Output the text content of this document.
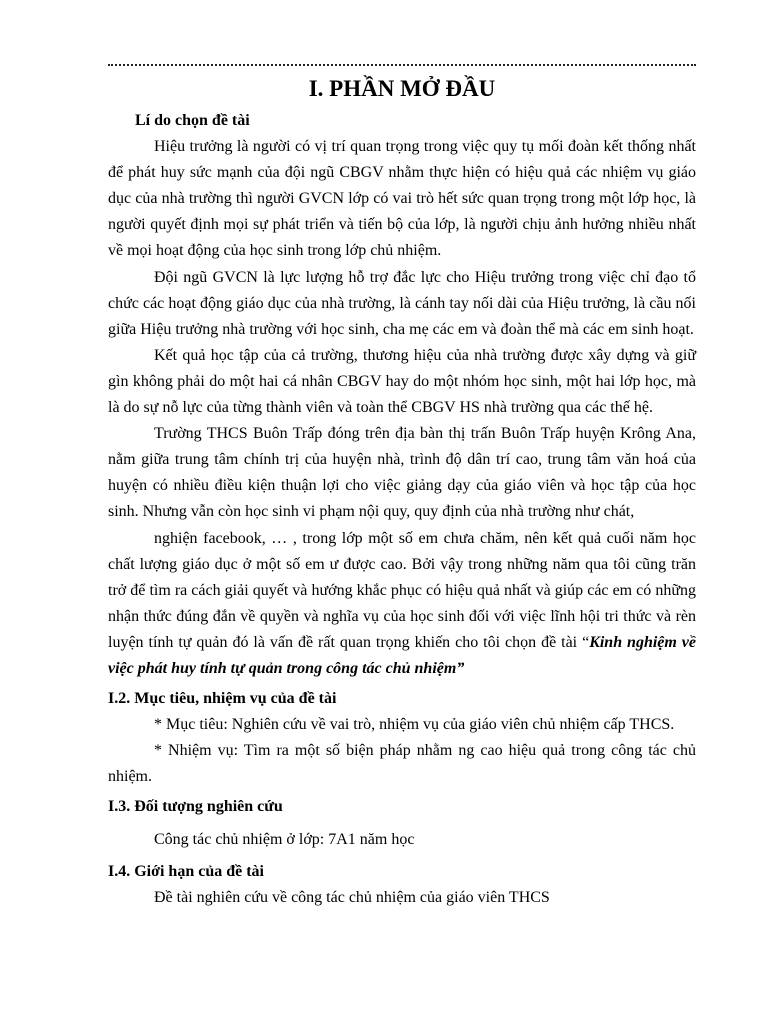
I. PHẦN MỞ ĐẦU

Lí do chọn đề tài

Hiệu trưởng là người có vị trí quan trọng trong việc quy tụ mối đoàn kết thống nhất để phát huy sức mạnh của đội ngũ CBGV nhằm thực hiện có hiệu quả các nhiệm vụ giáo dục của nhà trường thì người GVCN lớp có vai trò hết sức quan trọng trong một lớp học, là người quyết định mọi sự phát triển và tiến bộ của lớp, là người chịu ảnh hưởng nhiều nhất về mọi hoạt động của học sinh trong lớp chủ nhiệm.

Đội ngũ GVCN là lực lượng hỗ trợ đắc lực cho Hiệu trưởng trong việc chỉ đạo tổ chức các hoạt động giáo dục của nhà trường, là cánh tay nối dài của Hiệu trưởng, là cầu nối giữa Hiệu trưởng nhà trường với học sinh, cha mẹ các em và đoàn thể mà các em sinh hoạt.

Kết quả học tập của cả trường, thương hiệu của nhà trường được xây dựng và giữ gìn không phải do một hai cá nhân CBGV hay do một nhóm học sinh, một hai lớp học, mà là do sự nỗ lực của từng thành viên và toàn thể CBGV HS nhà trường qua các thế hệ.

Trường THCS Buôn Trấp đóng trên địa bàn thị trấn Buôn Trấp huyện Krông Ana, nằm giữa trung tâm chính trị của huyện nhà, trình độ dân trí cao, trung tâm văn hoá của huyện có nhiều điều kiện thuận lợi cho việc giảng dạy của giáo viên và học tập của học sinh. Nhưng vẫn còn học sinh vi phạm nội quy, quy định của nhà trường như chát,

nghiện facebook, … , trong lớp một số em chưa chăm, nên kết quả cuối năm học chất lượng giáo dục ở một số em ư được cao. Bởi vậy trong những năm qua tôi cũng trăn trở để tìm ra cách giải quyết và hướng khắc phục có hiệu quả nhất và giúp các em có những nhận thức đúng đắn về quyền và nghĩa vụ của học sinh đối với việc lĩnh hội tri thức và rèn luyện tính tự quản đó là vấn đề rất quan trọng khiến cho tôi chọn đề tài “Kinh nghiệm về việc phát huy tính tự quản trong công tác chủ nhiệm”

I.2. Mục tiêu, nhiệm vụ của đề tài

* Mục tiêu: Nghiên cứu về vai trò, nhiệm vụ của giáo viên chủ nhiệm cấp THCS.

* Nhiệm vụ: Tìm ra một số biện pháp nhằm ng cao hiệu quả trong công tác chủ nhiệm.

I.3. Đối tượng nghiên cứu

Công tác chủ nhiệm ở lớp: 7A1 năm học

I.4. Giới hạn của đề tài

Đề tài nghiên cứu về công tác chủ nhiệm của giáo viên THCS
